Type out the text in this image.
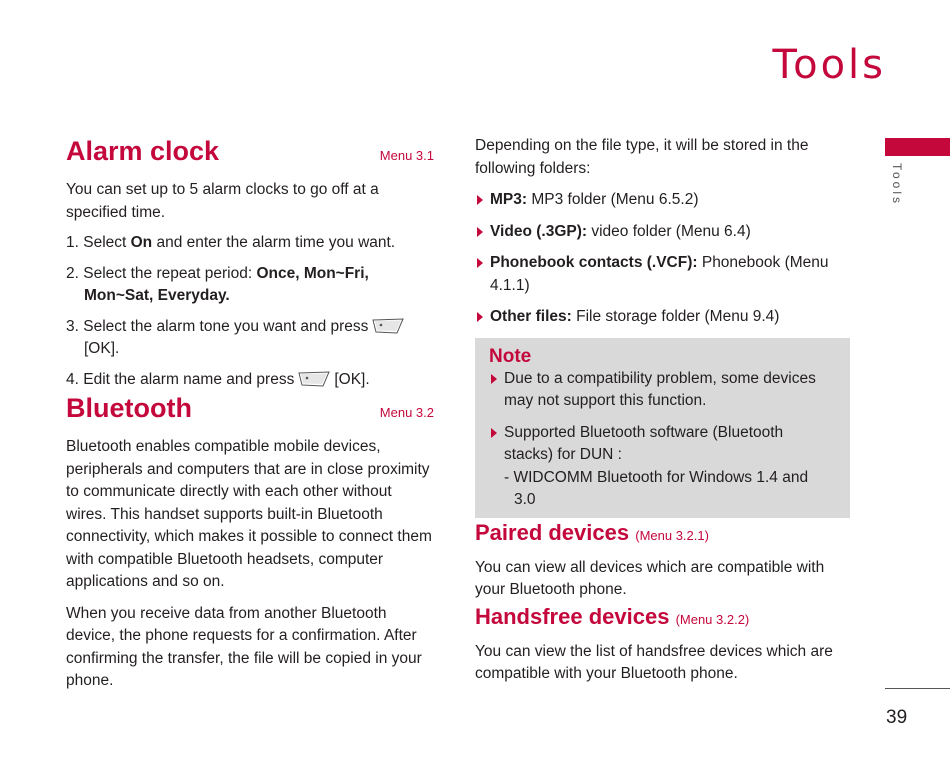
Tools
Tools
39
Alarm clock	Menu 3.1

You can set up to 5 alarm clocks to go off at a specified time.

1. Select On and enter the alarm time you want.

2. Select the repeat period: Once, Mon~Fri, Mon~Sat, Everyday.

3. Select the alarm tone you want and press[OK].

4. Edit the alarm name and press	[OK].

Bluetooth	Menu 3.2

Bluetooth enables compatible mobile devices, peripherals and computers that are in close proximity to communicate directly with each other without wires. This handset supports built-in Bluetooth connectivity, which makes it possible to connect them with compatible Bluetooth headsets, computer applications and so on.

When you receive data from another Bluetooth device, the phone requests for a confirmation. After confirming the transfer, the file will be copied in your phone.

Depending on the file type, it will be stored in the following folders:

MP3: MP3 folder (Menu 6.5.2)
Video (.3GP): video folder (Menu 6.4)
Phonebook contacts (.VCF): Phonebook (Menu 4.1.1)
Other files: File storage folder (Menu 9.4)
Note
Due to a compatibility problem, some devices may not support this function.
Supported Bluetooth software (Bluetooth stacks) for DUN :
- WIDCOMM Bluetooth for Windows 1.4 and
3.0
Paired devices (Menu 3.2.1)

You can view all devices which are compatible with your Bluetooth phone.

Handsfree devices (Menu 3.2.2)

You can view the list of handsfree devices which are compatible with your Bluetooth phone.
